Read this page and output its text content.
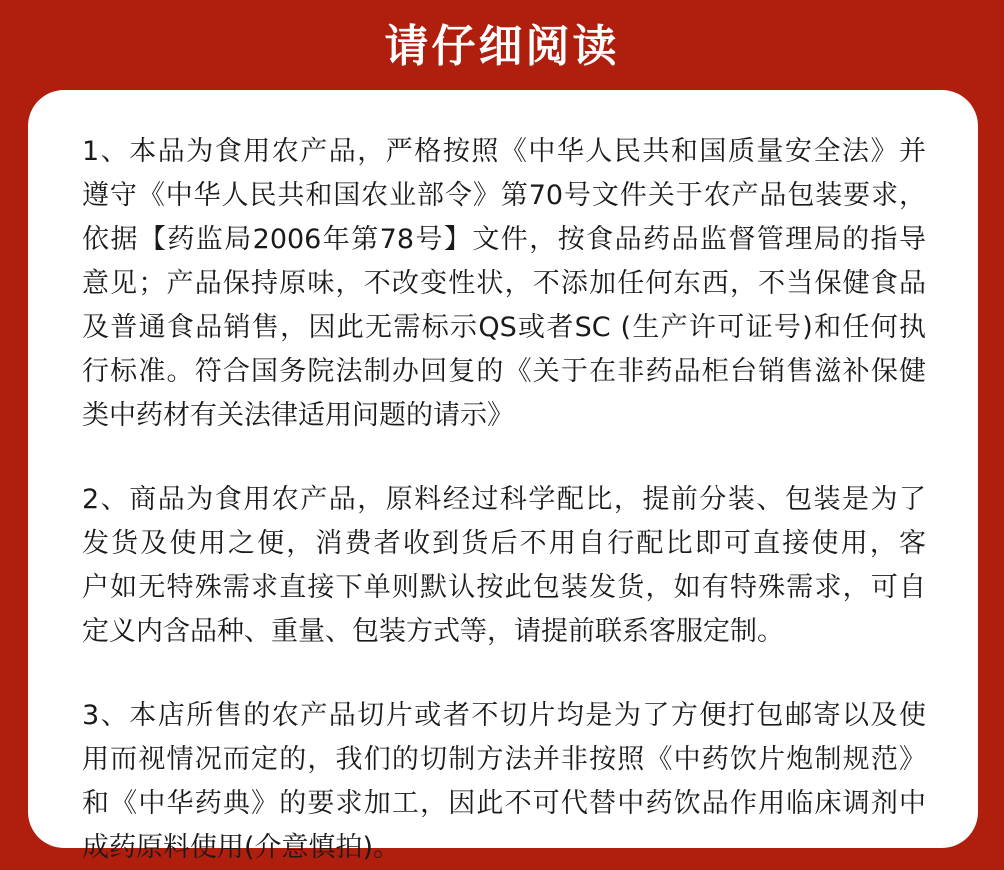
请仔细阅读
1、本品为食用农产品，严格按照《中华人民共和国质量安全法》并
遵守《中华人民共和国农业部令》第70号文件关于农产品包装要求，
依据【药监局2006年第78号】文件，按食品药品监督管理局的指导
意见；产品保持原味，不改变性状，不添加任何东西，不当保健食品
及普通食品销售，因此无需标示QS或者SC (生产许可证号)和任何执
行标准。符合国务院法制办回复的《关于在非药品柜台销售滋补保健
类中药材有关法律适用问题的请示》
2、商品为食用农产品，原料经过科学配比，提前分装、包装是为了
发货及使用之便，消费者收到货后不用自行配比即可直接使用，客
户如无特殊需求直接下单则默认按此包装发货，如有特殊需求，可自
定义内含品种、重量、包装方式等，请提前联系客服定制。
3、本店所售的农产品切片或者不切片均是为了方便打包邮寄以及使
用而视情况而定的，我们的切制方法并非按照《中药饮片炮制规范》
和《中华药典》的要求加工，因此不可代替中药饮品作用临床调剂中
成药原料使用(介意慎拍)。
